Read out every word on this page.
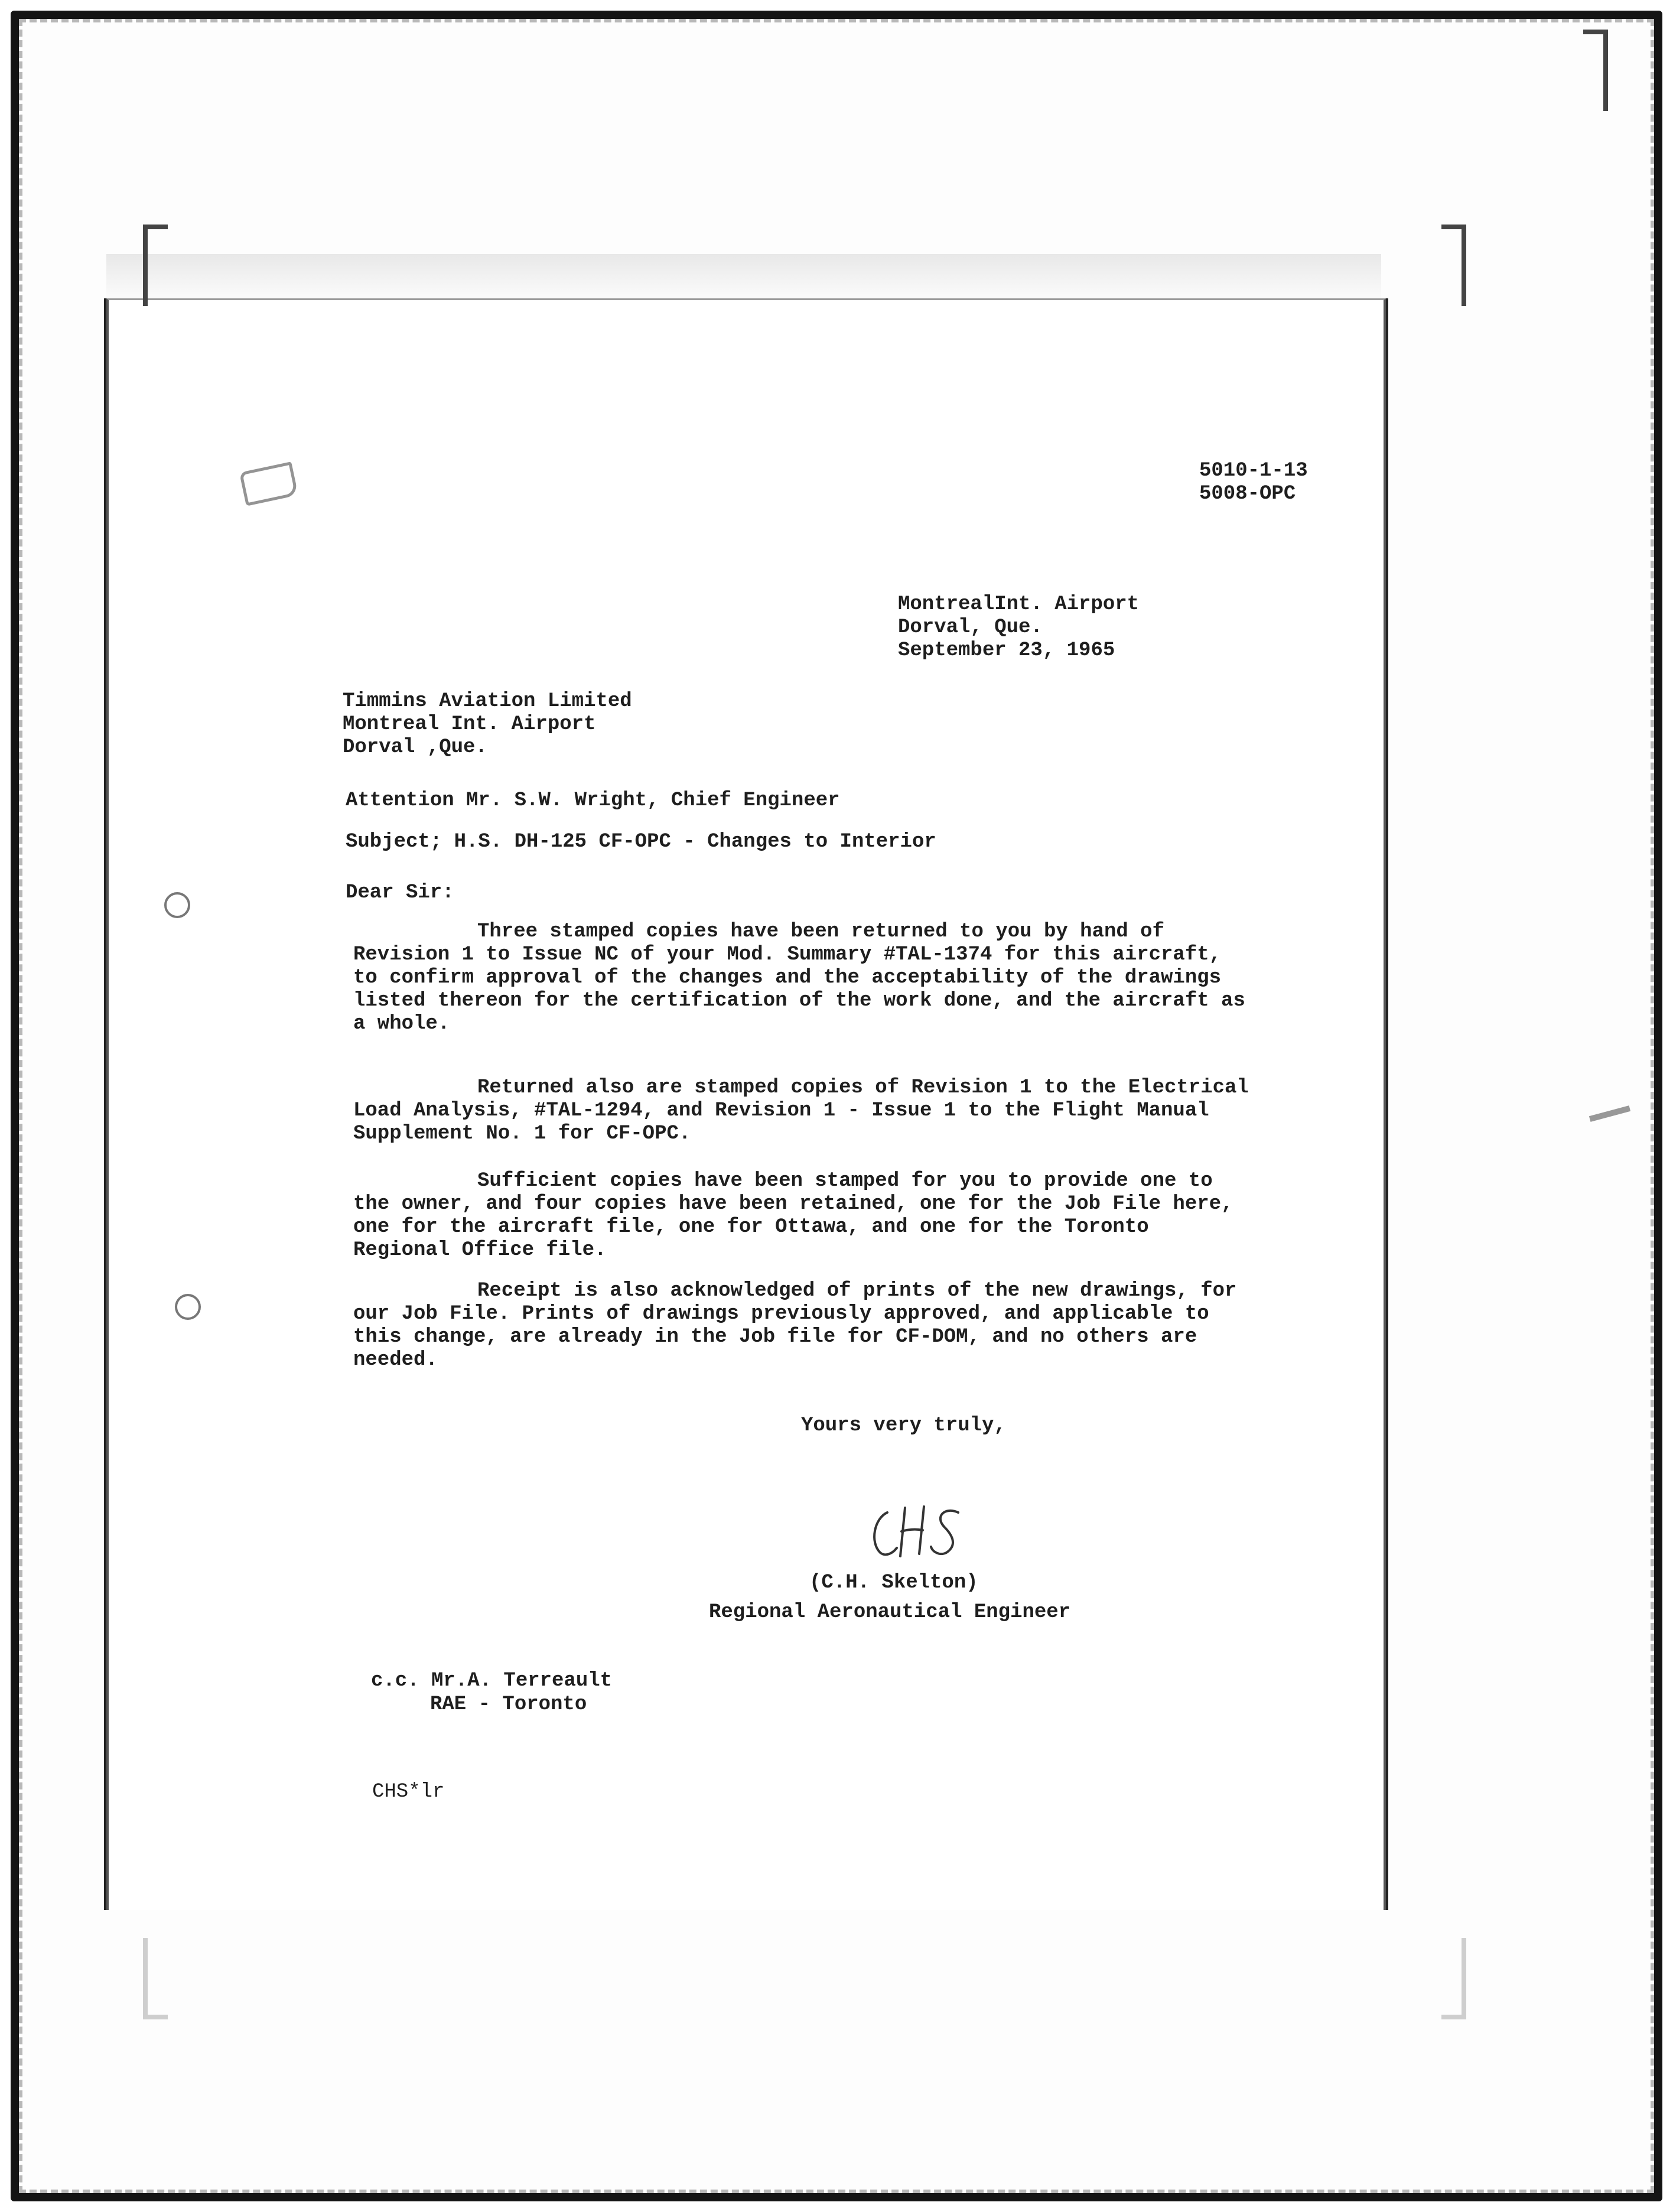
5010-1-13
5008-OPC
MontrealInt. Airport
Dorval, Que.
September 23, 1965
Timmins Aviation Limited
Montreal Int. Airport
Dorval ,Que.
Attention Mr. S.W. Wright, Chief Engineer
Subject; H.S. DH-125 CF-OPC - Changes to Interior
Dear Sir:

Three stamped copies have been returned to you by hand of Revision 1 to Issue NC of your Mod. Summary #TAL-1374 for this aircraft, to confirm approval of the changes and the acceptability of the drawings listed thereon for the certification of the work done, and the aircraft as a whole.

Returned also are stamped copies of Revision 1 to the Electrical Load Analysis, #TAL-1294, and Revision 1 - Issue 1 to the Flight Manual Supplement No. 1 for CF-OPC.

Sufficient copies have been stamped for you to provide one to the owner, and four copies have been retained, one for the Job File here, one for the aircraft file, one for Ottawa, and one for the Toronto Regional Office file.

Receipt is also acknowledged of prints of the new drawings, for our Job File. Prints of drawings previously approved, and applicable to this change, are already in the Job file for CF-DOM, and no others are needed.

Yours very truly,
(C.H. Skelton)
Regional Aeronautical Engineer
c.c. Mr.A. Terreault
RAE - Toronto
CHS*lr
